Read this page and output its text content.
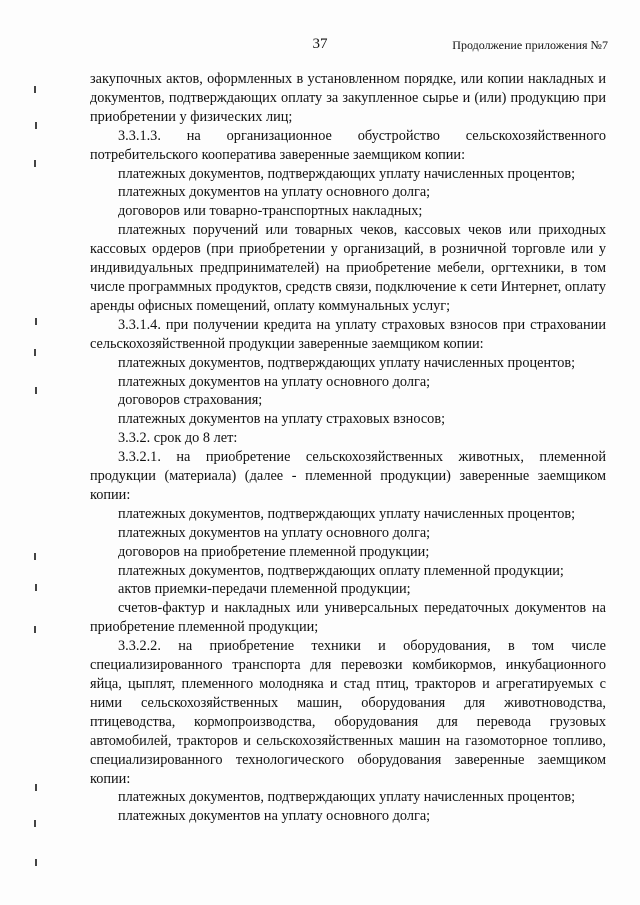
37	Продолжение приложения №7

закупочных актов, оформленных в установленном порядке, или копии накладных и документов, подтверждающих оплату за закупленное сырье и (или) продукцию при приобретении у физических лиц;

3.3.1.3. на организационное обустройство сельскохозяйственного потребительского кооператива заверенные заемщиком копии:

платежных документов, подтверждающих уплату начисленных процентов;

платежных документов на уплату основного долга;

договоров или товарно-транспортных накладных;

платежных поручений или товарных чеков, кассовых чеков или приходных кассовых ордеров (при приобретении у организаций, в розничной торговле или у индивидуальных предпринимателей) на приобретение мебели, оргтехники, в том числе программных продуктов, средств связи, подключение к сети Интернет, оплату аренды офисных помещений, оплату коммунальных услуг;

3.3.1.4. при получении кредита на уплату страховых взносов при страховании сельскохозяйственной продукции заверенные заемщиком копии:

платежных документов, подтверждающих уплату начисленных процентов;

платежных документов на уплату основного долга;

договоров страхования;

платежных документов на уплату страховых взносов;

3.3.2. срок до 8 лет:

3.3.2.1. на приобретение сельскохозяйственных животных, племенной продукции (материала) (далее - племенной продукции) заверенные заемщиком копии:

платежных документов, подтверждающих уплату начисленных процентов;

платежных документов на уплату основного долга;

договоров на приобретение племенной продукции;

платежных документов, подтверждающих оплату племенной продукции;

актов приемки-передачи племенной продукции;

счетов-фактур и накладных или универсальных передаточных документов на приобретение племенной продукции;

3.3.2.2. на приобретение техники и оборудования, в том числе специализированного транспорта для перевозки комбикормов, инкубационного яйца, цыплят, племенного молодняка и стад птиц, тракторов и агрегатируемых с ними сельскохозяйственных машин, оборудования для животноводства, птицеводства, кормопроизводства, оборудования для перевода грузовых автомобилей, тракторов и сельскохозяйственных машин на газомоторное топливо, специализированного технологического оборудования заверенные заемщиком копии:

платежных документов, подтверждающих уплату начисленных процентов;

платежных документов на уплату основного долга;
